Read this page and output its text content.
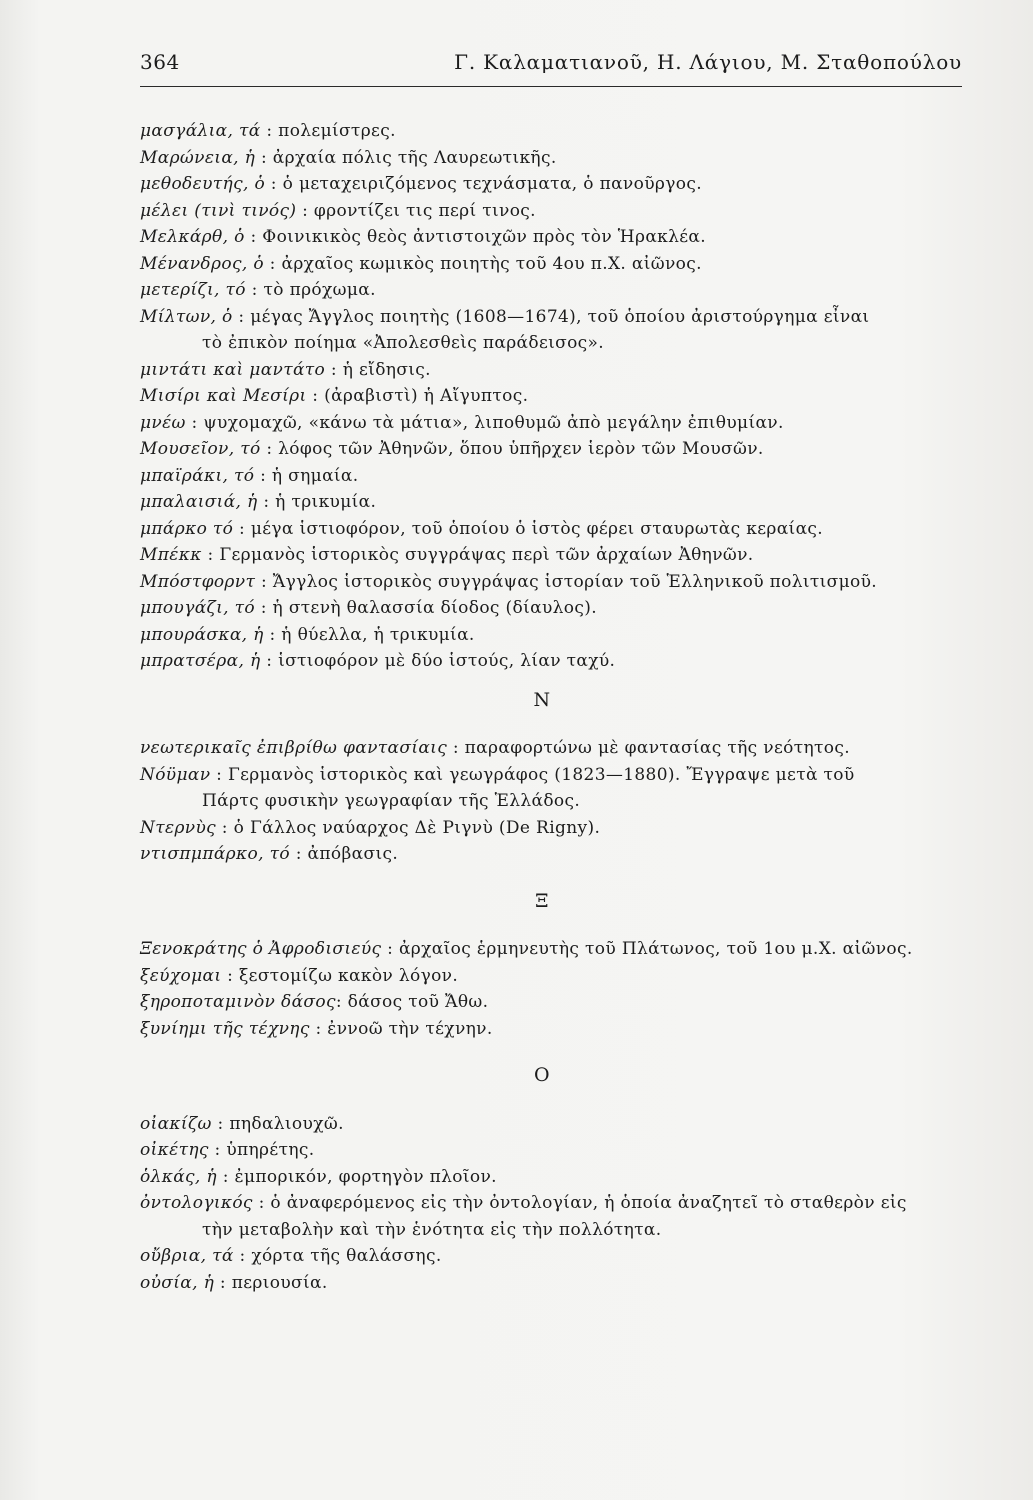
364	Γ. Καλαματιανοῦ, Η. Λάγιου, Μ. Σταθοπούλου
μασγάλια, τά : πολεμίστρες.
Μαρώνεια, ἡ : ἀρχαία πόλις τῆς Λαυρεωτικῆς.
μεθοδευτής, ὁ : ὁ μεταχειριζόμενος τεχνάσματα, ὁ πανοῦργος.
μέλει (τινὶ τινός) : φροντίζει τις περί τινος.
Μελκάρθ, ὁ : Φοινικικὸς θεὸς ἀντιστοιχῶν πρὸς τὸν Ἡρακλέα.
Μένανδρος, ὁ : ἀρχαῖος κωμικὸς ποιητὴς τοῦ 4ου π.Χ. αἰῶνος.
μετερίζι, τό : τὸ πρόχωμα.
Μίλτων, ὁ : μέγας Ἄγγλος ποιητὴς (1608—1674), τοῦ ὁποίου ἀριστούργημα εἶναι
τὸ ἐπικὸν ποίημα «Ἀπολεσθεὶς παράδεισος».
μιντάτι καὶ μαντάτο : ἡ εἴδησις.
Μισίρι καὶ Μεσίρι : (ἀραβιστὶ) ἡ Αἴγυπτος.
μνέω : ψυχομαχῶ, «κάνω τὰ μάτια», λιποθυμῶ ἀπὸ μεγάλην ἐπιθυμίαν.
Μουσεῖον, τό : λόφος τῶν Ἀθηνῶν, ὅπου ὑπῆρχεν ἱερὸν τῶν Μουσῶν.
μπαϊράκι, τό : ἡ σημαία.
μπαλαισιά, ἡ : ἡ τρικυμία.
μπάρκο τό : μέγα ἱστιοφόρον, τοῦ ὁποίου ὁ ἱστὸς φέρει σταυρωτὰς κεραίας.
Μπέκκ : Γερμανὸς ἱστορικὸς συγγράψας περὶ τῶν ἀρχαίων Ἀθηνῶν.
Μπόστφορντ : Ἄγγλος ἱστορικὸς συγγράψας ἱστορίαν τοῦ Ἑλληνικοῦ πολιτισμοῦ.
μπουγάζι, τό : ἡ στενὴ θαλασσία δίοδος (δίαυλος).
μπουράσκα, ἡ : ἡ θύελλα, ἡ τρικυμία.
μπρατσέρα, ἡ : ἱστιοφόρον μὲ δύο ἱστούς, λίαν ταχύ.
N
νεωτερικαῖς ἐπιβρίθω φαντασίαις : παραφορτώνω μὲ φαντασίας τῆς νεότητος.
Νόϋμαν : Γερμανὸς ἱστορικὸς καὶ γεωγράφος (1823—1880). Ἔγγραψε μετὰ τοῦ
Πάρτς φυσικὴν γεωγραφίαν τῆς Ἑλλάδος.
Ντερνὺς : ὁ Γάλλος ναύαρχος Δὲ Ριγνὺ (De Rigny).
ντισπμπάρκο, τό : ἀπόβασις.
Ξ
Ξενοκράτης ὁ Ἀφροδισιεύς : ἀρχαῖος ἑρμηνευτὴς τοῦ Πλάτωνος, τοῦ 1ου μ.Χ. αἰῶνος.
ξεύχομαι : ξεστομίζω κακὸν λόγον.
ξηροποταμινὸν δάσος: δάσος τοῦ Ἄθω.
ξυνίημι τῆς τέχνης : ἐννοῶ τὴν τέχνην.
O
οἰακίζω : πηδαλιουχῶ.
οἰκέτης : ὑπηρέτης.
ὁλκάς, ἡ : ἐμπορικόν, φορτηγὸν πλοῖον.
ὀντολογικός : ὁ ἀναφερόμενος εἰς τὴν ὀντολογίαν, ἡ ὁποία ἀναζητεῖ τὸ σταθερὸν εἰς
τὴν μεταβολὴν καὶ τὴν ἑνότητα εἰς τὴν πολλότητα.
οὔβρια, τά : χόρτα τῆς θαλάσσης.
οὐσία, ἡ : περιουσία.
